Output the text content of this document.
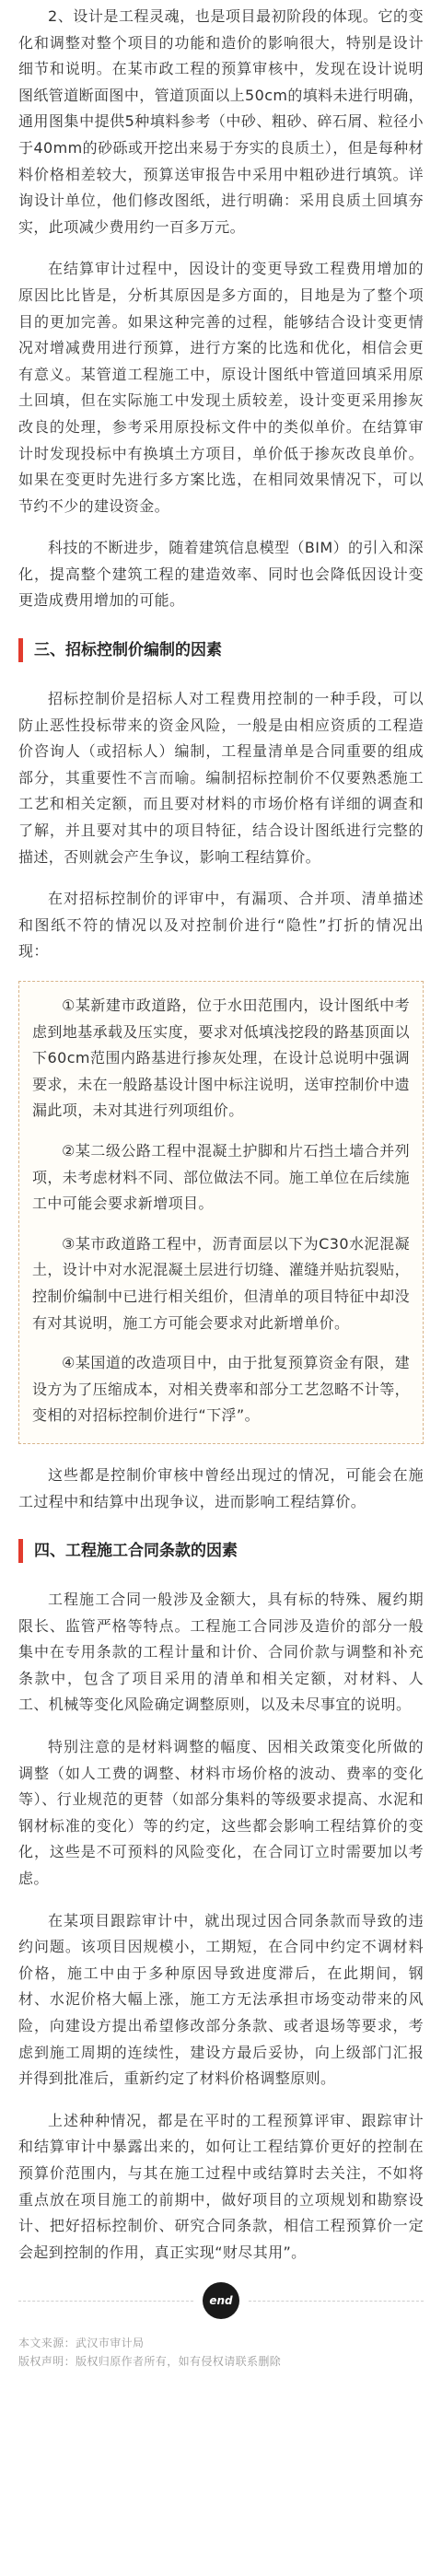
2、设计是工程灵魂，也是项目最初阶段的体现。它的变化和调整对整个项目的功能和造价的影响很大，特别是设计细节和说明。在某市政工程的预算审核中，发现在设计说明图纸管道断面图中，管道顶面以上50cm的填料未进行明确，通用图集中提供5种填料参考（中砂、粗砂、碎石屑、粒径小于40mm的砂砾或开挖出来易于夯实的良质土），但是每种材料价格相差较大，预算送审报告中采用中粗砂进行填筑。详询设计单位，他们修改图纸，进行明确：采用良质土回填夯实，此项减少费用约一百多万元。

在结算审计过程中，因设计的变更导致工程费用增加的原因比比皆是，分析其原因是多方面的，目地是为了整个项目的更加完善。如果这种完善的过程，能够结合设计变更情况对增减费用进行预算，进行方案的比选和优化，相信会更有意义。某管道工程施工中，原设计图纸中管道回填采用原土回填，但在实际施工中发现土质较差，设计变更采用掺灰改良的处理，参考采用原投标文件中的类似单价。在结算审计时发现投标中有换填土方项目，单价低于掺灰改良单价。如果在变更时先进行多方案比选，在相同效果情况下，可以节约不少的建设资金。

科技的不断进步，随着建筑信息模型（BIM）的引入和深化，提高整个建筑工程的建造效率、同时也会降低因设计变更造成费用增加的可能。

三、招标控制价编制的因素

招标控制价是招标人对工程费用控制的一种手段，可以防止恶性投标带来的资金风险，一般是由相应资质的工程造价咨询人（或招标人）编制，工程量清单是合同重要的组成部分，其重要性不言而喻。编制招标控制价不仅要熟悉施工工艺和相关定额，而且要对材料的市场价格有详细的调查和了解，并且要对其中的项目特征，结合设计图纸进行完整的描述，否则就会产生争议，影响工程结算价。

在对招标控制价的评审中，有漏项、合并项、清单描述和图纸不符的情况以及对控制价进行“隐性”打折的情况出现：

①某新建市政道路，位于水田范围内，设计图纸中考虑到地基承载及压实度，要求对低填浅挖段的路基顶面以下60cm范围内路基进行掺灰处理，在设计总说明中强调要求，未在一般路基设计图中标注说明，送审控制价中遗漏此项，未对其进行列项组价。

②某二级公路工程中混凝土护脚和片石挡土墙合并列项，未考虑材料不同、部位做法不同。施工单位在后续施工中可能会要求新增项目。

③某市政道路工程中，沥青面层以下为C30水泥混凝土，设计中对水泥混凝土层进行切缝、灌缝并贴抗裂贴，控制价编制中已进行相关组价，但清单的项目特征中却没有对其说明，施工方可能会要求对此新增单价。

④某国道的改造项目中，由于批复预算资金有限，建设方为了压缩成本，对相关费率和部分工艺忽略不计等，变相的对招标控制价进行“下浮”。

这些都是控制价审核中曾经出现过的情况，可能会在施工过程中和结算中出现争议，进而影响工程结算价。

四、工程施工合同条款的因素

工程施工合同一般涉及金额大，具有标的特殊、履约期限长、监管严格等特点。工程施工合同涉及造价的部分一般集中在专用条款的工程计量和计价、合同价款与调整和补充条款中，包含了项目采用的清单和相关定额，对材料、人工、机械等变化风险确定调整原则，以及未尽事宜的说明。

特别注意的是材料调整的幅度、因相关政策变化所做的调整（如人工费的调整、材料市场价格的波动、费率的变化等）、行业规范的更替（如部分集料的等级要求提高、水泥和钢材标准的变化）等的约定，这些都会影响工程结算价的变化，这些是不可预料的风险变化，在合同订立时需要加以考虑。

在某项目跟踪审计中，就出现过因合同条款而导致的违约问题。该项目因规模小，工期短，在合同中约定不调材料价格，施工中由于多种原因导致进度滞后，在此期间，钢材、水泥价格大幅上涨，施工方无法承担市场变动带来的风险，向建设方提出希望修改部分条款、或者退场等要求，考虑到施工周期的连续性，建设方最后妥协，向上级部门汇报并得到批准后，重新约定了材料价格调整原则。

上述种种情况，都是在平时的工程预算评审、跟踪审计和结算审计中暴露出来的，如何让工程结算价更好的控制在预算价范围内，与其在施工过程中或结算时去关注，不如将重点放在项目施工的前期中，做好项目的立项规划和勘察设计、把好招标控制价、研究合同条款，相信工程预算价一定会起到控制的作用，真正实现“财尽其用”。

end

本文来源：武汉市审计局

版权声明：版权归原作者所有，如有侵权请联系删除
